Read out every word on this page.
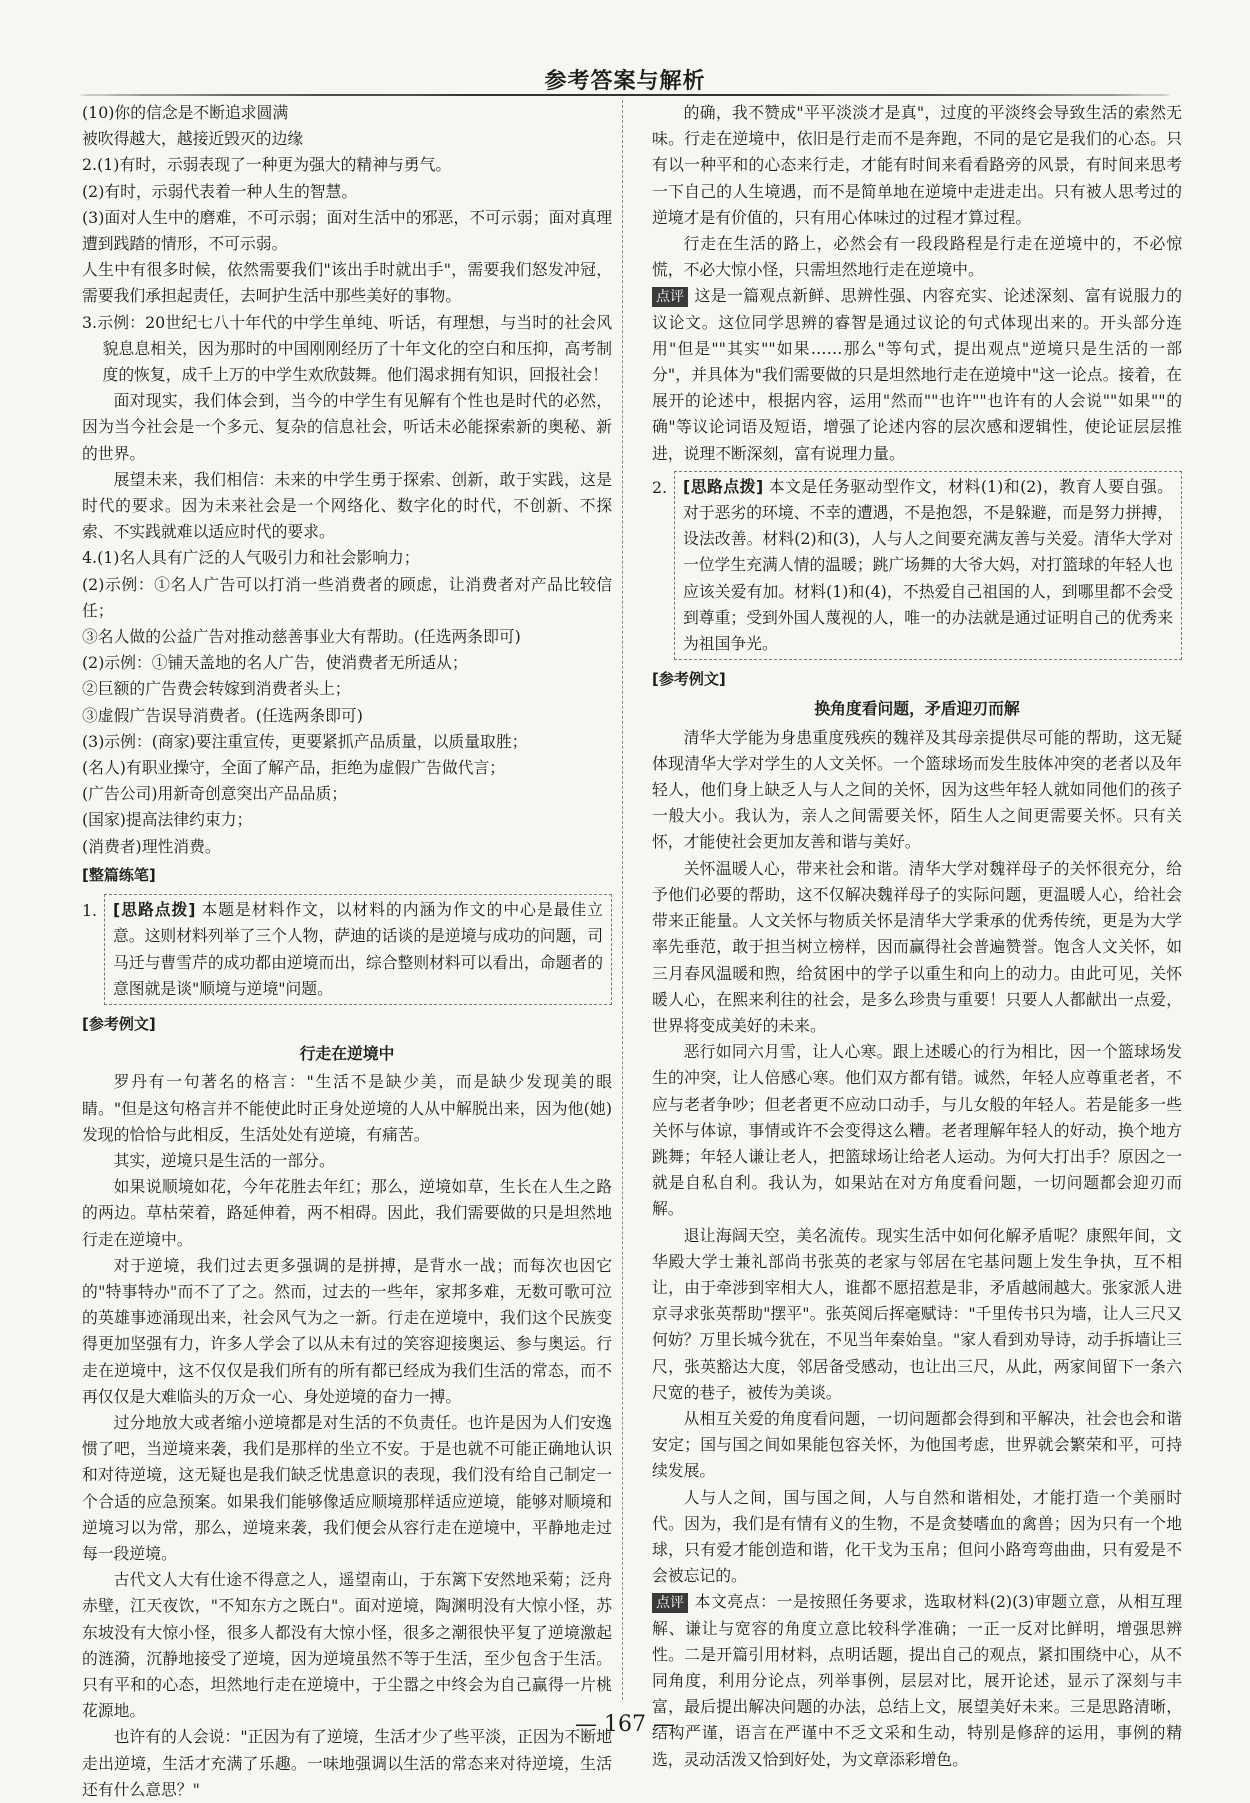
参考答案与解析

(10)你的信念是不断追求圆满

被吹得越大，越接近毁灭的边缘

2.(1)有时，示弱表现了一种更为强大的精神与勇气。

(2)有时，示弱代表着一种人生的智慧。

(3)面对人生中的磨难，不可示弱；面对生活中的邪恶，不可示弱；面对真理遭到践踏的情形，不可示弱。

人生中有很多时候，依然需要我们"该出手时就出手"，需要我们怒发冲冠，需要我们承担起责任，去呵护生活中那些美好的事物。

3.示例：20世纪七八十年代的中学生单纯、听话，有理想，与当时的社会风貌息息相关，因为那时的中国刚刚经历了十年文化的空白和压抑，高考制度的恢复，成千上万的中学生欢欣鼓舞。他们渴求拥有知识，回报社会！

面对现实，我们体会到，当今的中学生有见解有个性也是时代的必然，因为当今社会是一个多元、复杂的信息社会，听话未必能探索新的奥秘、新的世界。

展望未来，我们相信：未来的中学生勇于探索、创新，敢于实践，这是时代的要求。因为未来社会是一个网络化、数字化的时代，不创新、不探索、不实践就难以适应时代的要求。

4.(1)名人具有广泛的人气吸引力和社会影响力；

(2)示例：①名人广告可以打消一些消费者的顾虑，让消费者对产品比较信任；

③名人做的公益广告对推动慈善事业大有帮助。(任选两条即可)

(2)示例：①铺天盖地的名人广告，使消费者无所适从；

②巨额的广告费会转嫁到消费者头上；

③虚假广告误导消费者。(任选两条即可)

(3)示例：(商家)要注重宣传，更要紧抓产品质量，以质量取胜；

(名人)有职业操守，全面了解产品，拒绝为虚假广告做代言；

(广告公司)用新奇创意突出产品品质；

(国家)提高法律约束力；

(消费者)理性消费。

[整篇练笔]
1.	[思路点拨] 本题是材料作文，以材料的内涵为作文的中心是最佳立意。这则材料列举了三个人物，萨迪的话谈的是逆境与成功的问题，司马迁与曹雪芹的成功都由逆境而出，综合整则材料可以看出，命题者的意图就是谈"顺境与逆境"问题。
[参考例文]
行走在逆境中

罗丹有一句著名的格言："生活不是缺少美，而是缺少发现美的眼睛。"但是这句格言并不能使此时正身处逆境的人从中解脱出来，因为他(她)发现的恰恰与此相反，生活处处有逆境，有痛苦。

其实，逆境只是生活的一部分。

如果说顺境如花，今年花胜去年红；那么，逆境如草，生长在人生之路的两边。草枯荣着，路延伸着，两不相碍。因此，我们需要做的只是坦然地行走在逆境中。

对于逆境，我们过去更多强调的是拼搏，是背水一战；而每次也因它的"特事特办"而不了了之。然而，过去的一些年，家邦多难，无数可歌可泣的英雄事迹涌现出来，社会风气为之一新。行走在逆境中，我们这个民族变得更加坚强有力，许多人学会了以从未有过的笑容迎接奥运、参与奥运。行走在逆境中，这不仅仅是我们所有的所有都已经成为我们生活的常态，而不再仅仅是大难临头的万众一心、身处逆境的奋力一搏。

过分地放大或者缩小逆境都是对生活的不负责任。也许是因为人们安逸惯了吧，当逆境来袭，我们是那样的坐立不安。于是也就不可能正确地认识和对待逆境，这无疑也是我们缺乏忧患意识的表现，我们没有给自己制定一个合适的应急预案。如果我们能够像适应顺境那样适应逆境，能够对顺境和逆境习以为常，那么，逆境来袭，我们便会从容行走在逆境中，平静地走过每一段逆境。

古代文人大有仕途不得意之人，遥望南山，于东篱下安然地采菊；泛舟赤壁，江天夜饮，"不知东方之既白"。面对逆境，陶渊明没有大惊小怪，苏东坡没有大惊小怪，很多人都没有大惊小怪，很多之潮很快平复了逆境激起的涟漪，沉静地接受了逆境，因为逆境虽然不等于生活，至少包含于生活。只有平和的心态，坦然地行走在逆境中，于尘嚣之中终会为自己赢得一片桃花源地。

也许有的人会说："正因为有了逆境，生活才少了些平淡，正因为不断地走出逆境，生活才充满了乐趣。一味地强调以生活的常态来对待逆境，生活还有什么意思？"

的确，我不赞成"平平淡淡才是真"，过度的平淡终会导致生活的索然无味。行走在逆境中，依旧是行走而不是奔跑，不同的是它是我们的心态。只有以一种平和的心态来行走，才能有时间来看看路旁的风景，有时间来思考一下自己的人生境遇，而不是简单地在逆境中走进走出。只有被人思考过的逆境才是有价值的，只有用心体味过的过程才算过程。

行走在生活的路上，必然会有一段段路程是行走在逆境中的，不必惊慌，不必大惊小怪，只需坦然地行走在逆境中。

点评 这是一篇观点新鲜、思辨性强、内容充实、论述深刻、富有说服力的议论文。这位同学思辨的睿智是通过议论的句式体现出来的。开头部分连用"但是""其实""如果……那么"等句式，提出观点"逆境只是生活的一部分"，并具体为"我们需要做的只是坦然地行走在逆境中"这一论点。接着，在展开的论述中，根据内容，运用"然而""也许""也许有的人会说""如果""的确"等议论词语及短语，增强了论述内容的层次感和逻辑性，使论证层层推进，说理不断深刻，富有说理力量。

2.	[思路点拨] 本文是任务驱动型作文，材料(1)和(2)，教育人要自强。对于恶劣的环境、不幸的遭遇，不是抱怨，不是躲避，而是努力拼搏，设法改善。材料(2)和(3)，人与人之间要充满友善与关爱。清华大学对一位学生充满人情的温暖；跳广场舞的大爷大妈，对打篮球的年轻人也应该关爱有加。材料(1)和(4)，不热爱自己祖国的人，到哪里都不会受到尊重；受到外国人蔑视的人，唯一的办法就是通过证明自己的优秀来为祖国争光。
[参考例文]
换角度看问题，矛盾迎刃而解

清华大学能为身患重度残疾的魏祥及其母亲提供尽可能的帮助，这无疑体现清华大学对学生的人文关怀。一个篮球场而发生肢体冲突的老者以及年轻人，他们身上缺乏人与人之间的关怀，因为这些年轻人就如同他们的孩子一般大小。我认为，亲人之间需要关怀，陌生人之间更需要关怀。只有关怀，才能使社会更加友善和谐与美好。

关怀温暖人心，带来社会和谐。清华大学对魏祥母子的关怀很充分，给予他们必要的帮助，这不仅解决魏祥母子的实际问题，更温暖人心，给社会带来正能量。人文关怀与物质关怀是清华大学秉承的优秀传统，更是为大学率先垂范，敢于担当树立榜样，因而赢得社会普遍赞誉。饱含人文关怀，如三月春风温暖和煦，给贫困中的学子以重生和向上的动力。由此可见，关怀暖人心，在熙来利往的社会，是多么珍贵与重要！只要人人都献出一点爱，世界将变成美好的未来。

恶行如同六月雪，让人心寒。跟上述暖心的行为相比，因一个篮球场发生的冲突，让人倍感心寒。他们双方都有错。诚然，年轻人应尊重老者，不应与老者争吵；但老者更不应动口动手，与儿女般的年轻人。若是能多一些关怀与体谅，事情或许不会变得这么糟。老者理解年轻人的好动，换个地方跳舞；年轻人谦让老人，把篮球场让给老人运动。为何大打出手？原因之一就是自私自利。我认为，如果站在对方角度看问题，一切问题都会迎刃而解。

退让海阔天空，美名流传。现实生活中如何化解矛盾呢？康熙年间，文华殿大学士兼礼部尚书张英的老家与邻居在宅基问题上发生争执，互不相让，由于牵涉到宰相大人，谁都不愿招惹是非，矛盾越闹越大。张家派人进京寻求张英帮助"摆平"。张英阅后挥毫赋诗："千里传书只为墙，让人三尺又何妨？万里长城今犹在，不见当年秦始皇。"家人看到劝导诗，动手拆墙让三尺，张英豁达大度，邻居备受感动，也让出三尺，从此，两家间留下一条六尺宽的巷子，被传为美谈。

从相互关爱的角度看问题，一切问题都会得到和平解决，社会也会和谐安定；国与国之间如果能包容关怀，为他国考虑，世界就会繁荣和平，可持续发展。

人与人之间，国与国之间，人与自然和谐相处，才能打造一个美丽时代。因为，我们是有情有义的生物，不是贪婪嗜血的禽兽；因为只有一个地球，只有爱才能创造和谐，化干戈为玉帛；但问小路弯弯曲曲，只有爱是不会被忘记的。

点评 本文亮点：一是按照任务要求，选取材料(2)(3)审题立意，从相互理解、谦让与宽容的角度立意比较科学准确；一正一反对比鲜明，增强思辨性。二是开篇引用材料，点明话题，提出自己的观点，紧扣围绕中心，从不同角度，利用分论点，列举事例，层层对比，展开论述，显示了深刻与丰富，最后提出解决问题的办法，总结上文，展望美好未来。三是思路清晰，结构严谨，语言在严谨中不乏文采和生动，特别是修辞的运用，事例的精选，灵动活泼又恰到好处，为文章添彩增色。

— 167 —
